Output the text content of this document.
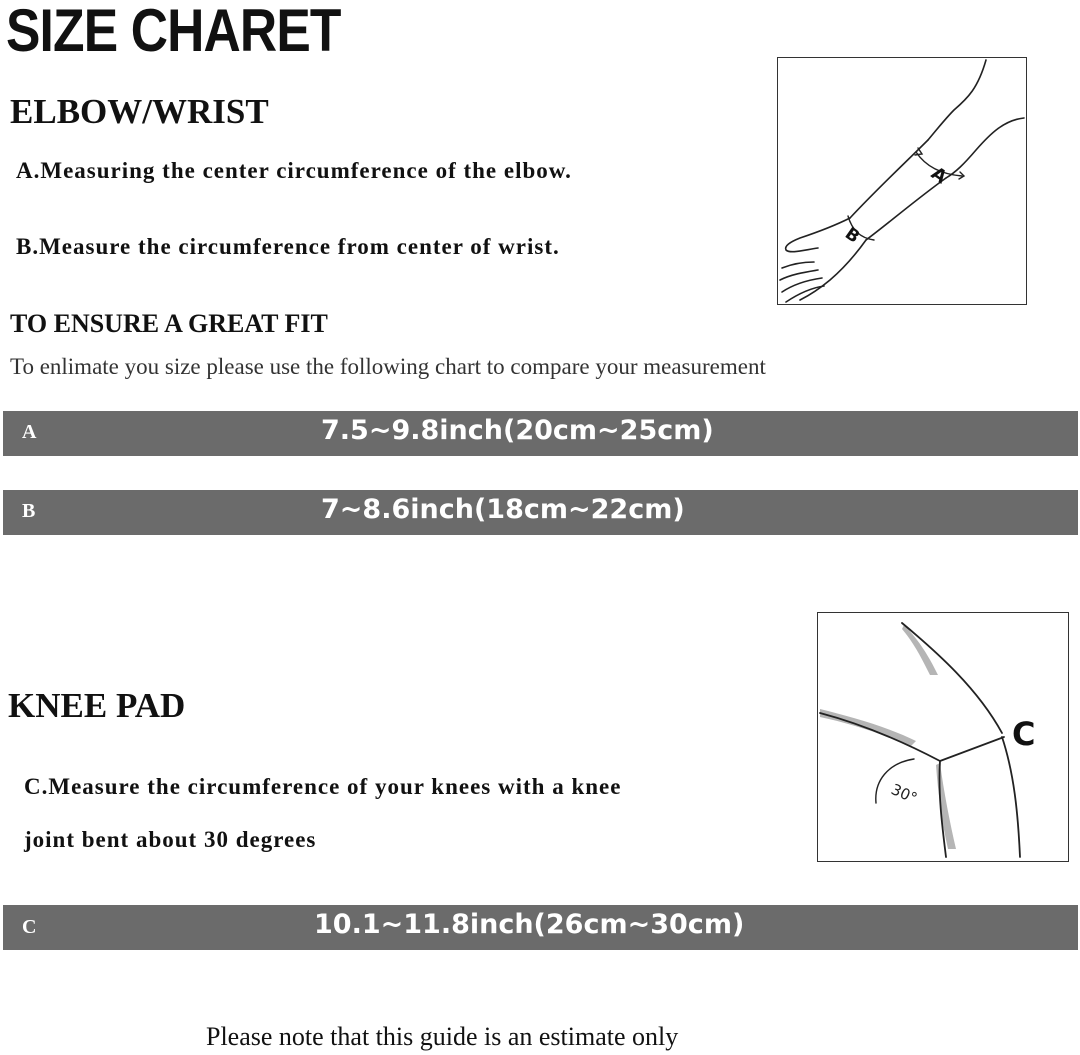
SIZE CHARET
ELBOW/WRIST
A.Measuring the center circumference of the elbow.
B.Measure the circumference from center of wrist.
A
B
TO ENSURE A GREAT FIT
To enlimate you size please use the following chart to compare your measurement
A	7.5~9.8inch(20cm~25cm)
B	7~8.6inch(18cm~22cm)
C
30°
KNEE PAD
C.Measure the circumference of your knees with a knee
joint bent about 30 degrees
C	10.1~11.8inch(26cm~30cm)
Please note that this guide is an estimate only
